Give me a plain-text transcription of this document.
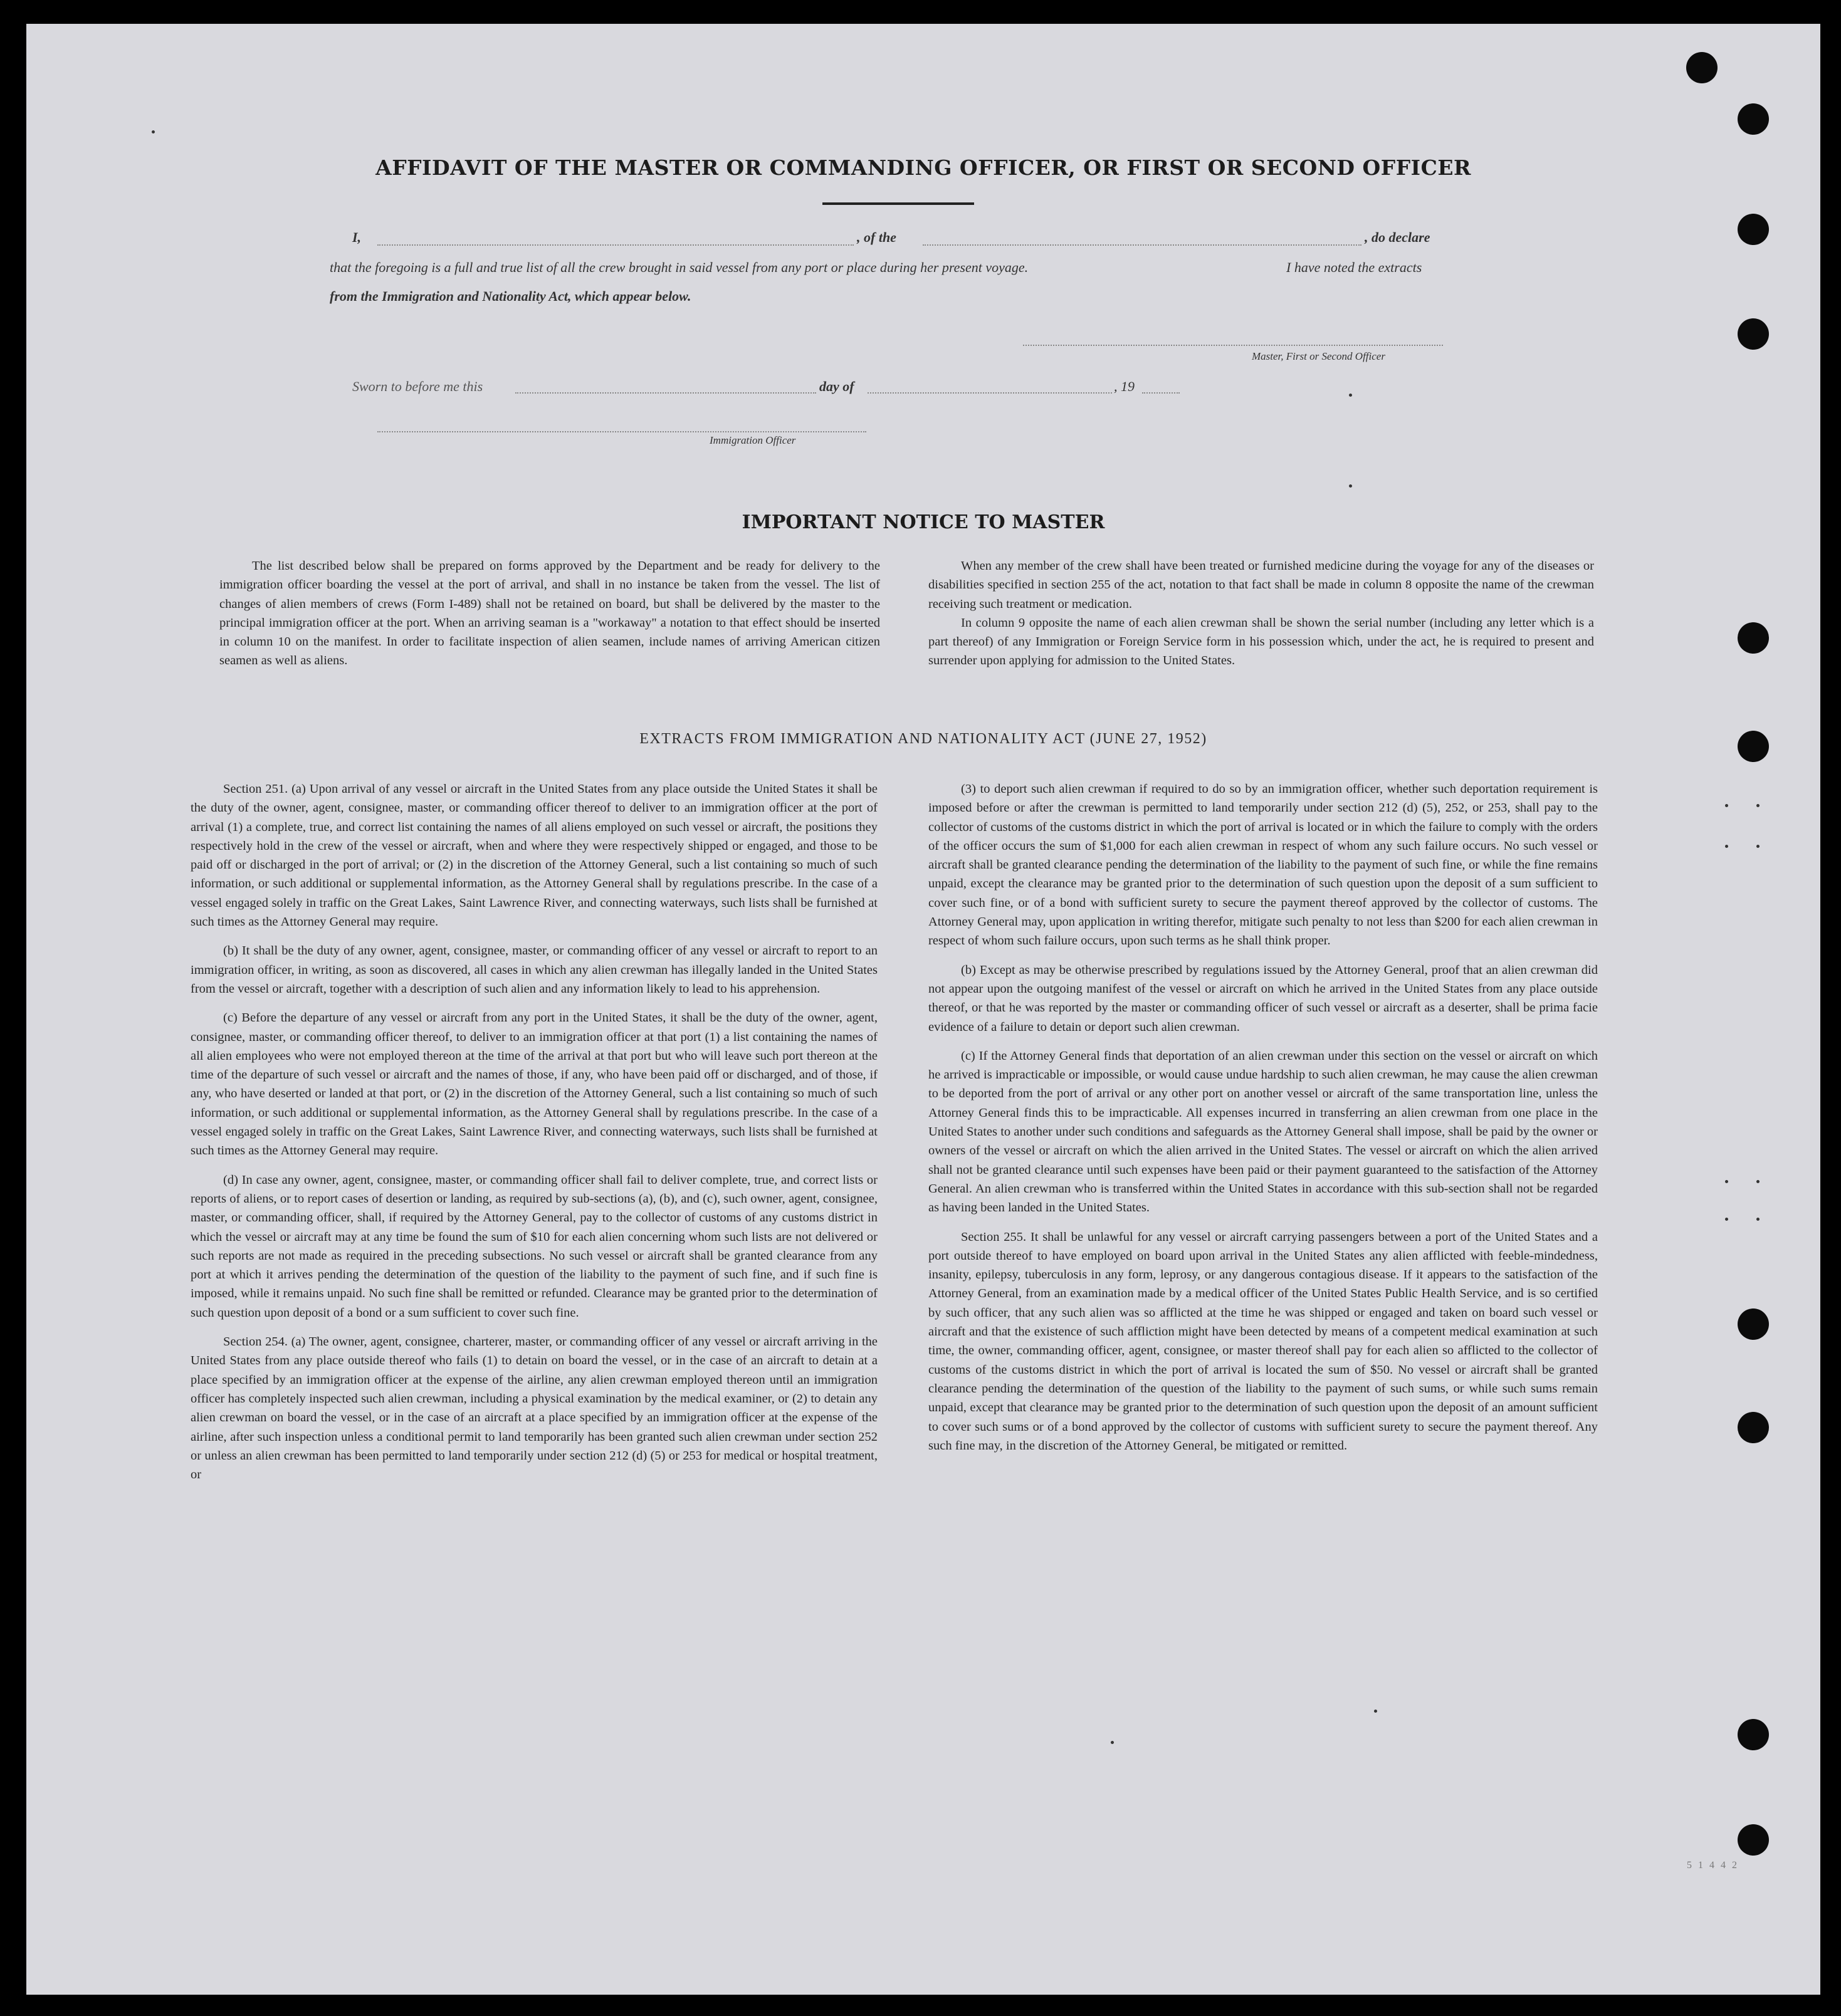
AFFIDAVIT OF THE MASTER OR COMMANDING OFFICER, OR FIRST OR SECOND OFFICER
I,	, of the	, do declare
that the foregoing is a full and true list of all the crew brought in said vessel from any port or place during her present voyage.	I have noted the extracts
from the Immigration and Nationality Act, which appear below.
Master, First or Second Officer
Sworn to before me this	day of	, 19
Immigration Officer
IMPORTANT NOTICE TO MASTER

The list described below shall be prepared on forms approved by the Department and be ready for delivery to the immigration officer boarding the vessel at the port of arrival, and shall in no instance be taken from the vessel. The list of changes of alien members of crews (Form I-489) shall not be retained on board, but shall be delivered by the master to the principal immigration officer at the port. When an arriving seaman is a "workaway" a notation to that effect should be inserted in column 10 on the manifest. In order to facilitate inspection of alien seamen, include names of arriving American citizen seamen as well as aliens.

When any member of the crew shall have been treated or furnished medicine during the voyage for any of the diseases or disabilities specified in section 255 of the act, notation to that fact shall be made in column 8 opposite the name of the crewman receiving such treatment or medication.

In column 9 opposite the name of each alien crewman shall be shown the serial number (including any letter which is a part thereof) of any Immigration or Foreign Service form in his possession which, under the act, he is required to present and surrender upon applying for admission to the United States.

EXTRACTS FROM IMMIGRATION AND NATIONALITY ACT (JUNE 27, 1952)

Section 251. (a) Upon arrival of any vessel or aircraft in the United States from any place outside the United States it shall be the duty of the owner, agent, consignee, master, or commanding officer thereof to deliver to an immigration officer at the port of arrival (1) a complete, true, and correct list containing the names of all aliens employed on such vessel or aircraft, the positions they respectively hold in the crew of the vessel or aircraft, when and where they were respectively shipped or engaged, and those to be paid off or discharged in the port of arrival; or (2) in the discretion of the Attorney General, such a list containing so much of such information, or such additional or supplemental information, as the Attorney General shall by regulations prescribe. In the case of a vessel engaged solely in traffic on the Great Lakes, Saint Lawrence River, and connecting waterways, such lists shall be furnished at such times as the Attorney General may require.

(b) It shall be the duty of any owner, agent, consignee, master, or commanding officer of any vessel or aircraft to report to an immigration officer, in writing, as soon as discovered, all cases in which any alien crewman has illegally landed in the United States from the vessel or aircraft, together with a description of such alien and any information likely to lead to his apprehension.

(c) Before the departure of any vessel or aircraft from any port in the United States, it shall be the duty of the owner, agent, consignee, master, or commanding officer thereof, to deliver to an immigration officer at that port (1) a list containing the names of all alien employees who were not employed thereon at the time of the arrival at that port but who will leave such port thereon at the time of the departure of such vessel or aircraft and the names of those, if any, who have been paid off or discharged, and of those, if any, who have deserted or landed at that port, or (2) in the discretion of the Attorney General, such a list containing so much of such information, or such additional or supplemental information, as the Attorney General shall by regulations prescribe. In the case of a vessel engaged solely in traffic on the Great Lakes, Saint Lawrence River, and connecting waterways, such lists shall be furnished at such times as the Attorney General may require.

(d) In case any owner, agent, consignee, master, or commanding officer shall fail to deliver complete, true, and correct lists or reports of aliens, or to report cases of desertion or landing, as required by sub-sections (a), (b), and (c), such owner, agent, consignee, master, or commanding officer, shall, if required by the Attorney General, pay to the collector of customs of any customs district in which the vessel or aircraft may at any time be found the sum of $10 for each alien concerning whom such lists are not delivered or such reports are not made as required in the preceding subsections. No such vessel or aircraft shall be granted clearance from any port at which it arrives pending the determination of the question of the liability to the payment of such fine, and if such fine is imposed, while it remains unpaid. No such fine shall be remitted or refunded. Clearance may be granted prior to the determination of such question upon deposit of a bond or a sum sufficient to cover such fine.

Section 254. (a) The owner, agent, consignee, charterer, master, or commanding officer of any vessel or aircraft arriving in the United States from any place outside thereof who fails (1) to detain on board the vessel, or in the case of an aircraft to detain at a place specified by an immigration officer at the expense of the airline, any alien crewman employed thereon until an immigration officer has completely inspected such alien crewman, including a physical examination by the medical examiner, or (2) to detain any alien crewman on board the vessel, or in the case of an aircraft at a place specified by an immigration officer at the expense of the airline, after such inspection unless a conditional permit to land temporarily has been granted such alien crewman under section 252 or unless an alien crewman has been permitted to land temporarily under section 212 (d) (5) or 253 for medical or hospital treatment, or

(3) to deport such alien crewman if required to do so by an immigration officer, whether such deportation requirement is imposed before or after the crewman is permitted to land temporarily under section 212 (d) (5), 252, or 253, shall pay to the collector of customs of the customs district in which the port of arrival is located or in which the failure to comply with the orders of the officer occurs the sum of $1,000 for each alien crewman in respect of whom any such failure occurs. No such vessel or aircraft shall be granted clearance pending the determination of the liability to the payment of such fine, or while the fine remains unpaid, except the clearance may be granted prior to the determination of such question upon the deposit of a sum sufficient to cover such fine, or of a bond with sufficient surety to secure the payment thereof approved by the collector of customs. The Attorney General may, upon application in writing therefor, mitigate such penalty to not less than $200 for each alien crewman in respect of whom such failure occurs, upon such terms as he shall think proper.

(b) Except as may be otherwise prescribed by regulations issued by the Attorney General, proof that an alien crewman did not appear upon the outgoing manifest of the vessel or aircraft on which he arrived in the United States from any place outside thereof, or that he was reported by the master or commanding officer of such vessel or aircraft as a deserter, shall be prima facie evidence of a failure to detain or deport such alien crewman.

(c) If the Attorney General finds that deportation of an alien crewman under this section on the vessel or aircraft on which he arrived is impracticable or impossible, or would cause undue hardship to such alien crewman, he may cause the alien crewman to be deported from the port of arrival or any other port on another vessel or aircraft of the same transportation line, unless the Attorney General finds this to be impracticable. All expenses incurred in transferring an alien crewman from one place in the United States to another under such conditions and safeguards as the Attorney General shall impose, shall be paid by the owner or owners of the vessel or aircraft on which the alien arrived in the United States. The vessel or aircraft on which the alien arrived shall not be granted clearance until such expenses have been paid or their payment guaranteed to the satisfaction of the Attorney General. An alien crewman who is transferred within the United States in accordance with this sub-section shall not be regarded as having been landed in the United States.

Section 255. It shall be unlawful for any vessel or aircraft carrying passengers between a port of the United States and a port outside thereof to have employed on board upon arrival in the United States any alien afflicted with feeble-mindedness, insanity, epilepsy, tuberculosis in any form, leprosy, or any dangerous contagious disease. If it appears to the satisfaction of the Attorney General, from an examination made by a medical officer of the United States Public Health Service, and is so certified by such officer, that any such alien was so afflicted at the time he was shipped or engaged and taken on board such vessel or aircraft and that the existence of such affliction might have been detected by means of a competent medical examination at such time, the owner, commanding officer, agent, consignee, or master thereof shall pay for each alien so afflicted to the collector of customs of the customs district in which the port of arrival is located the sum of $50. No vessel or aircraft shall be granted clearance pending the determination of the question of the liability to the payment of such sums, or while such sums remain unpaid, except that clearance may be granted prior to the determination of such question upon the deposit of an amount sufficient to cover such sums or of a bond approved by the collector of customs with sufficient surety to secure the payment thereof. Any such fine may, in the discretion of the Attorney General, be mitigated or remitted.

5 1 4 4 2
